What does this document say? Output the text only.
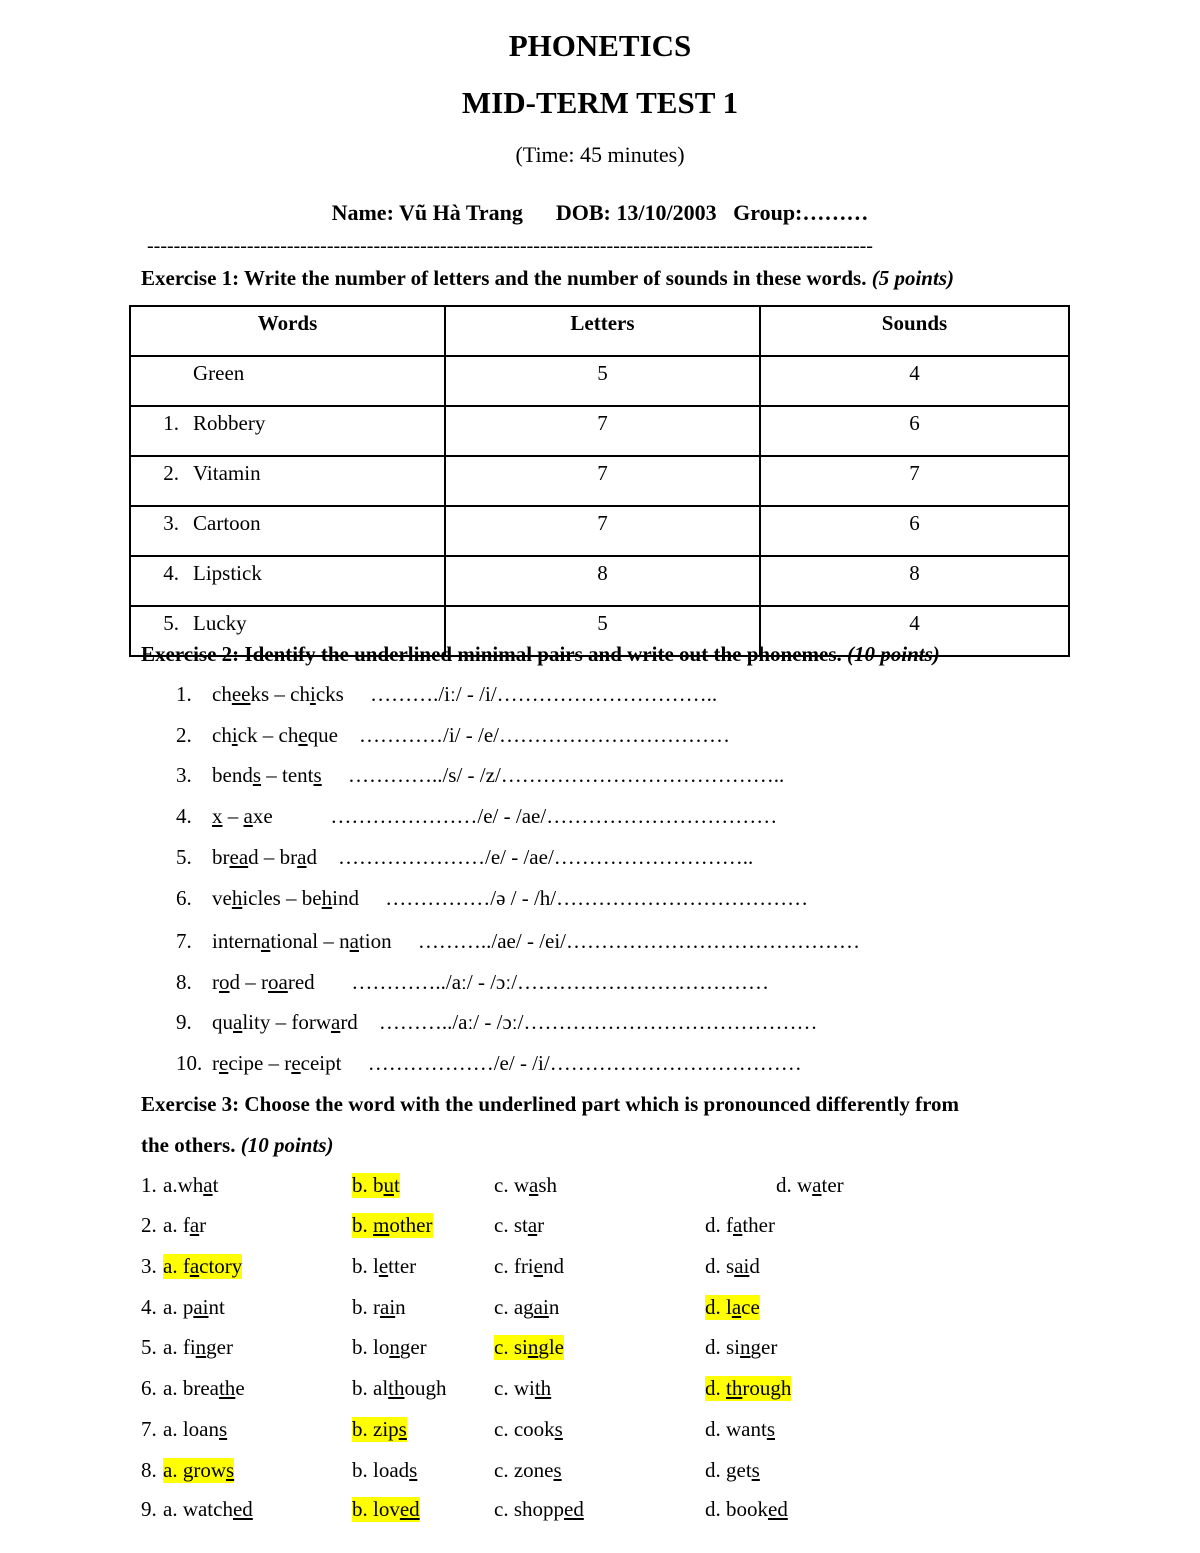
PHONETICS
MID-TERM TEST 1
(Time: 45 minutes)
Name: Vũ Hà Trang      DOB: 13/10/2003   Group:………
-------------------------------------------------------------------------------------------------------------
Exercise 1: Write the number of letters and the number of sounds in these words. (5 points)
Words	Letters	Sounds
Green	5	4
1. Robbery	7	6
2. Vitamin	7	7
3. Cartoon	7	6
4. Lipstick	8	8
5. Lucky	5	4
Exercise 2: Identify the underlined minimal pairs and write out the phonemes. (10 points)
1. cheeks – chicks     ………./iː/ - /i/…………………………..
2. chick – cheque    …………/i/ - /e/……………………………
3. bends – tents     …………../s/ - /z/…………………………………..
4. x – axe           …………………/e/ - /ae/……………………………
5. bread – brad    …………………/e/ - /ae/………………………..
6. vehicles – behind     ……………/ə / - /h/………………………………
7. international – nation     ………../ae/ - /ei/……………………………………
8. rod – roared       …………../aː/ - /ɔː/………………………………
9. quality – forward    ………../aː/ - /ɔː/……………………………………
10. recipe – receipt     ………………/e/ - /i/………………………………
Exercise 3: Choose the word with the underlined part which is pronounced differently from
the others. (10 points)
1. a.what	b. but	c. wash	d. water
2. a. far	b. mother	c. star	d. father
3. a. factory	b. letter	c. friend	d. said
4. a. paint	b. rain	c. again	d. lace
5. a. finger	b. longer	c. single	d. singer
6. a. breathe	b. although c. with	d. through
7. a. loans	b. zips	c. cooks	d. wants
8. a. grows	b. loads	c. zones	d. gets
9. a. watched	b. loved	c. shopped	d. booked
